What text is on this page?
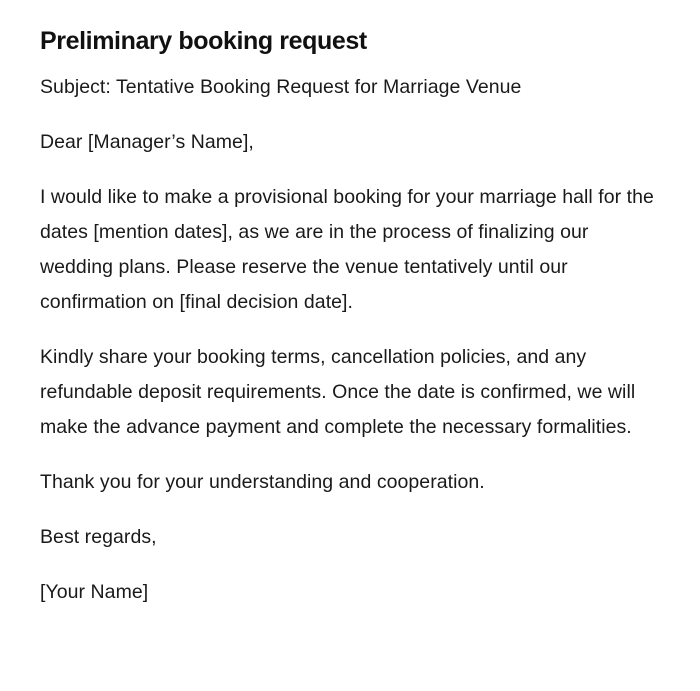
Preliminary booking request

Subject: Tentative Booking Request for Marriage Venue

Dear [Manager’s Name],

I would like to make a provisional booking for your marriage hall for the dates [mention dates], as we are in the process of finalizing our wedding plans. Please reserve the venue tentatively until our confirmation on [final decision date].

Kindly share your booking terms, cancellation policies, and any refundable deposit requirements. Once the date is confirmed, we will make the advance payment and complete the necessary formalities.

Thank you for your understanding and cooperation.

Best regards,

[Your Name]
